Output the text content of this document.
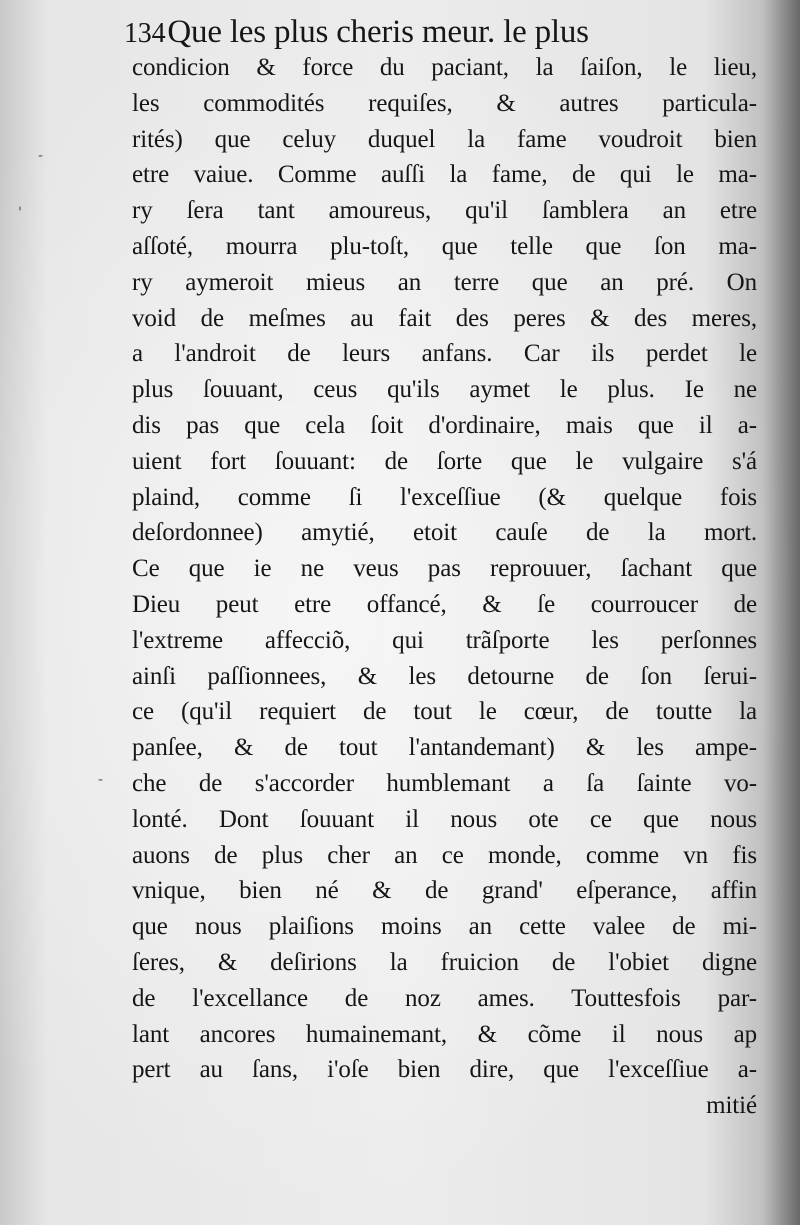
134Que les plus cheris meur. le plus
condicion & force du paciant, la ſaiſon, le lieu,
les commodités requiſes, & autres particula-
rités) que celuy duquel la fame voudroit bien
etre vaiue. Comme auſſi la fame, de qui le ma-
ry ſera tant amoureus, qu'il ſamblera an etre
aſſoté, mourra plu-toſt, que telle que ſon ma-
ry aymeroit mieus an terre que an pré. On
void de meſmes au fait des peres & des meres,
a l'androit de leurs anfans. Car ils perdet le
plus ſouuant, ceus qu'ils aymet le plus. Ie ne
dis pas que cela ſoit d'ordinaire, mais que il a-
uient fort ſouuant: de ſorte que le vulgaire s'á
plaind, comme ſi l'exceſſiue (& quelque fois
deſordonnee) amytié, etoit cauſe de la mort.
Ce que ie ne veus pas reprouuer, ſachant que
Dieu peut etre offancé, & ſe courroucer de
l'extreme affecciõ, qui trãſporte les perſonnes
ainſi paſſionnees, & les detourne de ſon ſerui-
ce (qu'il requiert de tout le cœur, de toutte la
panſee, & de tout l'antandemant) & les ampe-
che de s'accorder humblemant a ſa ſainte vo-
lonté. Dont ſouuant il nous ote ce que nous
auons de plus cher an ce monde, comme vn fis
vnique, bien né & de grand' eſperance, affin
que nous plaiſions moins an cette valee de mi-
ſeres, & deſirions la fruicion de l'obiet digne
de l'excellance de noz ames. Touttesfois par-
lant ancores humainemant, & cõme il nous ap
pert au ſans, i'oſe bien dire, que l'exceſſiue a-
mitié
'
-
-
